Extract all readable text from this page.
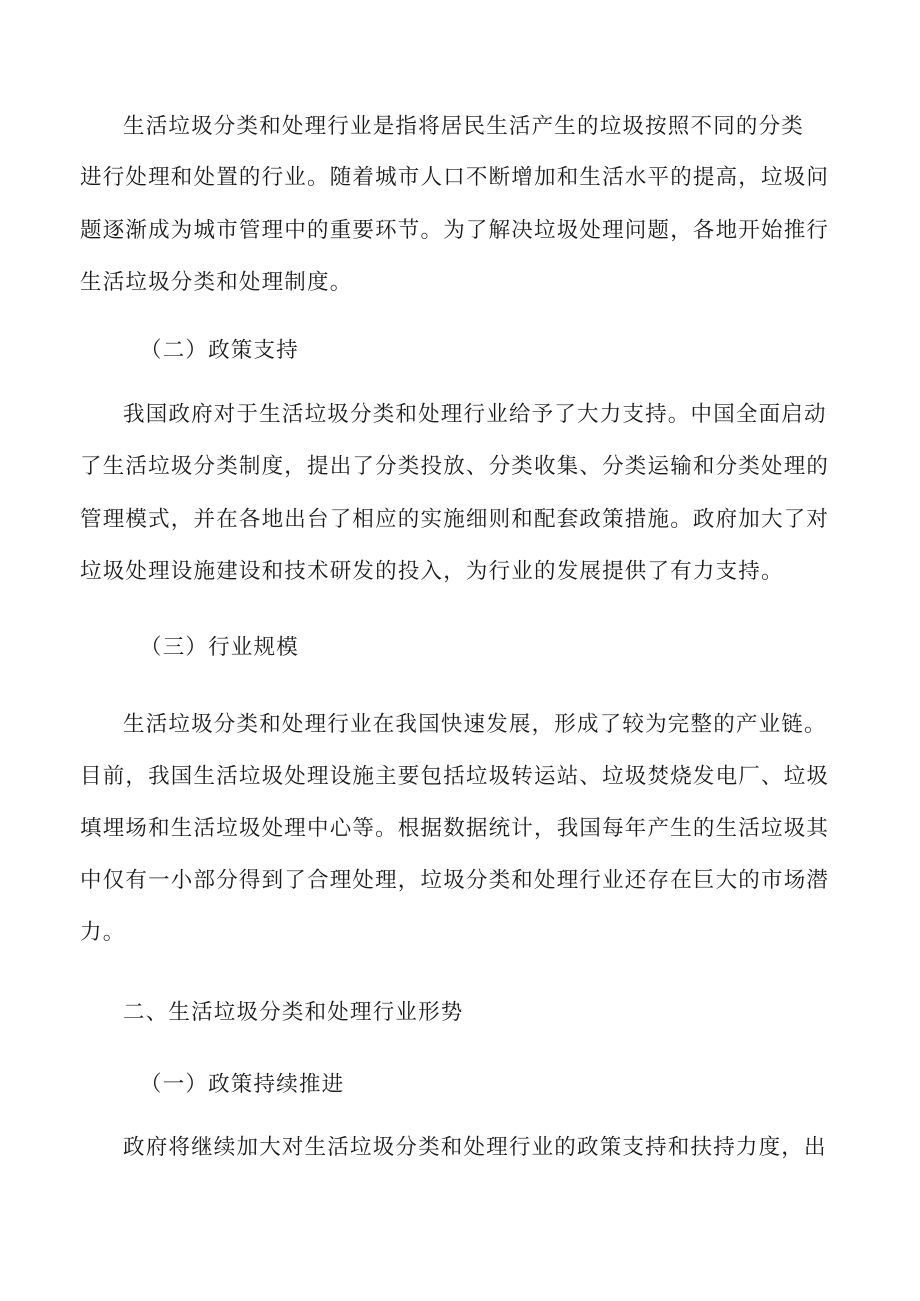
生活垃圾分类和处理行业是指将居民生活产生的垃圾按照不同的分类
进行处理和处置的行业。随着城市人口不断增加和生活水平的提高，垃圾问
题逐渐成为城市管理中的重要环节。为了解决垃圾处理问题，各地开始推行
生活垃圾分类和处理制度。
（二）政策支持
我国政府对于生活垃圾分类和处理行业给予了大力支持。中国全面启动
了生活垃圾分类制度，提出了分类投放、分类收集、分类运输和分类处理的
管理模式，并在各地出台了相应的实施细则和配套政策措施。政府加大了对
垃圾处理设施建设和技术研发的投入，为行业的发展提供了有力支持。
（三）行业规模
生活垃圾分类和处理行业在我国快速发展，形成了较为完整的产业链。
目前，我国生活垃圾处理设施主要包括垃圾转运站、垃圾焚烧发电厂、垃圾
填埋场和生活垃圾处理中心等。根据数据统计，我国每年产生的生活垃圾其
中仅有一小部分得到了合理处理，垃圾分类和处理行业还存在巨大的市场潜
力。
二、生活垃圾分类和处理行业形势
（一）政策持续推进
政府将继续加大对生活垃圾分类和处理行业的政策支持和扶持力度，出
